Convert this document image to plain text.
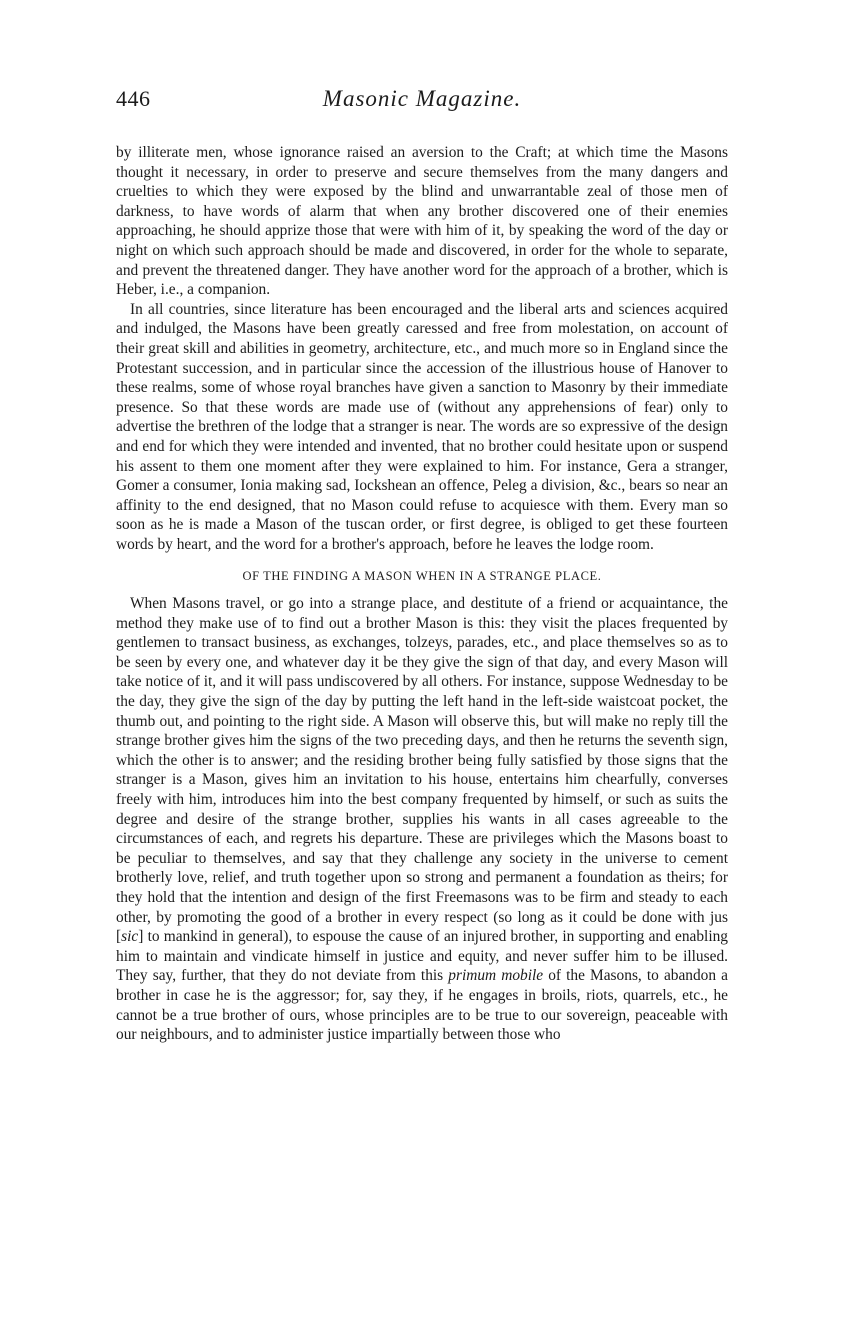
446	Masonic Magazine.

by illiterate men, whose ignorance raised an aversion to the Craft; at which time the Masons thought it necessary, in order to preserve and secure themselves from the many dangers and cruelties to which they were exposed by the blind and unwarrantable zeal of those men of darkness, to have words of alarm that when any brother discovered one of their enemies approaching, he should apprize those that were with him of it, by speaking the word of the day or night on which such approach should be made and discovered, in order for the whole to separate, and prevent the threatened danger. They have another word for the approach of a brother, which is Heber, i.e., a companion.

In all countries, since literature has been encouraged and the liberal arts and sciences acquired and indulged, the Masons have been greatly caressed and free from molestation, on account of their great skill and abilities in geometry, architecture, etc., and much more so in England since the Protestant succession, and in particular since the accession of the illustrious house of Hanover to these realms, some of whose royal branches have given a sanction to Masonry by their immediate presence. So that these words are made use of (without any apprehensions of fear) only to advertise the brethren of the lodge that a stranger is near. The words are so expressive of the design and end for which they were intended and invented, that no brother could hesitate upon or suspend his assent to them one moment after they were explained to him. For instance, Gera a stranger, Gomer a consumer, Ionia making sad, Iockshean an offence, Peleg a division, &c., bears so near an affinity to the end designed, that no Mason could refuse to acquiesce with them. Every man so soon as he is made a Mason of the tuscan order, or first degree, is obliged to get these fourteen words by heart, and the word for a brother's approach, before he leaves the lodge room.

OF THE FINDING A MASON WHEN IN A STRANGE PLACE.

When Masons travel, or go into a strange place, and destitute of a friend or acquaintance, the method they make use of to find out a brother Mason is this: they visit the places frequented by gentlemen to transact business, as exchanges, tolzeys, parades, etc., and place themselves so as to be seen by every one, and whatever day it be they give the sign of that day, and every Mason will take notice of it, and it will pass undiscovered by all others. For instance, suppose Wednesday to be the day, they give the sign of the day by putting the left hand in the left-side waistcoat pocket, the thumb out, and pointing to the right side. A Mason will observe this, but will make no reply till the strange brother gives him the signs of the two preceding days, and then he returns the seventh sign, which the other is to answer; and the residing brother being fully satisfied by those signs that the stranger is a Mason, gives him an invitation to his house, entertains him chearfully, converses freely with him, introduces him into the best company frequented by himself, or such as suits the degree and desire of the strange brother, supplies his wants in all cases agreeable to the circumstances of each, and regrets his departure. These are privileges which the Masons boast to be peculiar to themselves, and say that they challenge any society in the universe to cement brotherly love, relief, and truth together upon so strong and permanent a foundation as theirs; for they hold that the intention and design of the first Freemasons was to be firm and steady to each other, by promoting the good of a brother in every respect (so long as it could be done with jus [sic] to mankind in general), to espouse the cause of an injured brother, in supporting and enabling him to maintain and vindicate himself in justice and equity, and never suffer him to be illused. They say, further, that they do not deviate from this primum mobile of the Masons, to abandon a brother in case he is the aggressor; for, say they, if he engages in broils, riots, quarrels, etc., he cannot be a true brother of ours, whose principles are to be true to our sovereign, peaceable with our neighbours, and to administer justice impartially between those who
